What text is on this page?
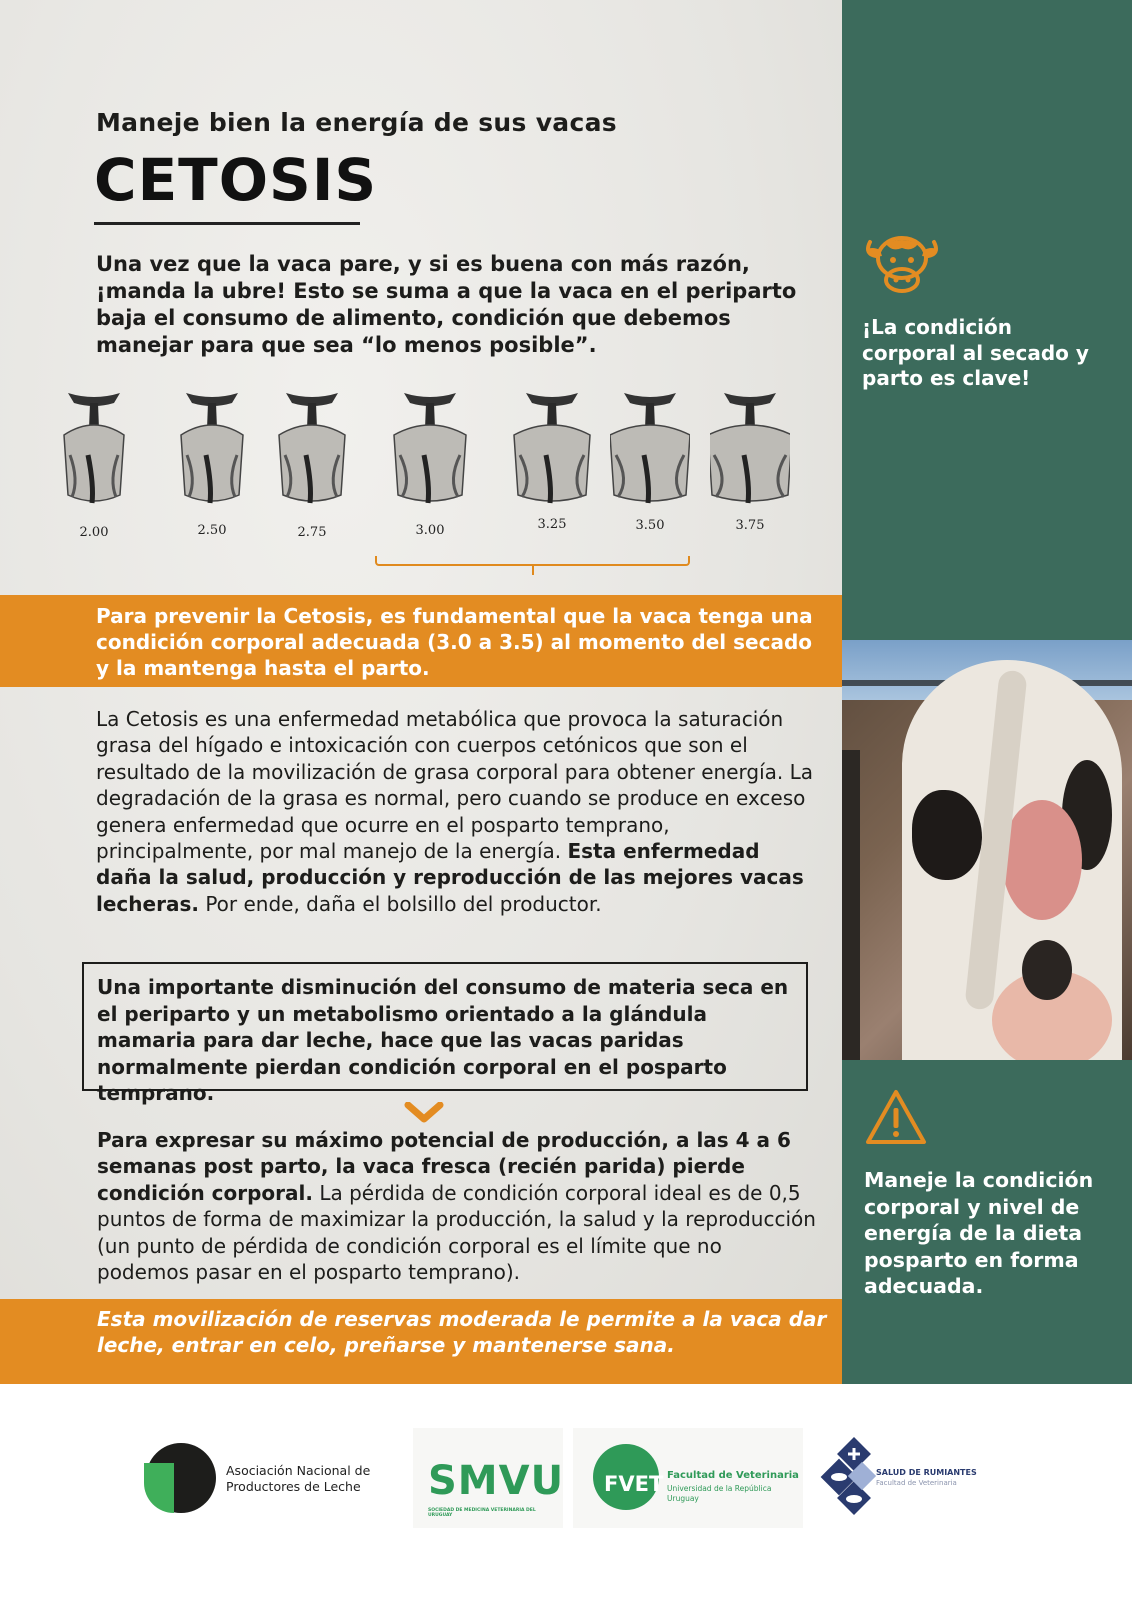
Maneje bien la energía de sus vacas
CETOSIS
Una vez que la vaca pare, y si es buena con más razón, ¡manda la ubre! Esto se suma a que la vaca en el periparto baja el consumo de alimento, condición que debemos manejar para que sea “lo menos posible”.
2.00	2.50	2.75	3.00	3.25	3.50	3.75
Para prevenir la Cetosis, es fundamental que la vaca tenga una condición corporal adecuada (3.0 a 3.5) al momento del secado y la mantenga hasta el parto.
La Cetosis es una enfermedad metabólica que provoca la saturación grasa del hígado e intoxicación con cuerpos cetónicos que son el resultado de la movilización de grasa corporal para obtener energía. La degradación de la grasa es normal, pero cuando se produce en exceso genera enfermedad que ocurre en el posparto temprano, principalmente, por mal manejo de la energía. Esta enfermedad daña la salud, producción y reproducción de las mejores vacas lecheras. Por ende, daña el bolsillo del productor.
Una importante disminución del consumo de materia seca en el periparto y un metabolismo orientado a la glándula mamaria para dar leche, hace que las vacas paridas normalmente pierdan condición corporal en el posparto temprano.
Para expresar su máximo potencial de producción, a las 4 a 6 semanas post parto, la vaca fresca (recién parida) pierde condición corporal. La pérdida de condición corporal ideal es de 0,5 puntos de forma de maximizar la producción, la salud y la reproducción (un punto de pérdida de condición corporal es el límite que no podemos pasar en el posparto temprano).
Esta movilización de reservas moderada le permite a la vaca dar leche, entrar en celo, preñarse y mantenerse sana.
¡La condición corporal al secado y parto es clave!
Maneje la condición corporal y nivel de energía de la dieta posparto en forma adecuada.
Asociación Nacional de Productores de Leche	SMVU
SOCIEDAD DE MEDICINA VETERINARIA DEL URUGUAY
FVET Facultad de Veterinaria
Universidad de la República
Uruguay
SALUD DE RUMIANTES
Facultad de Veterinaria
